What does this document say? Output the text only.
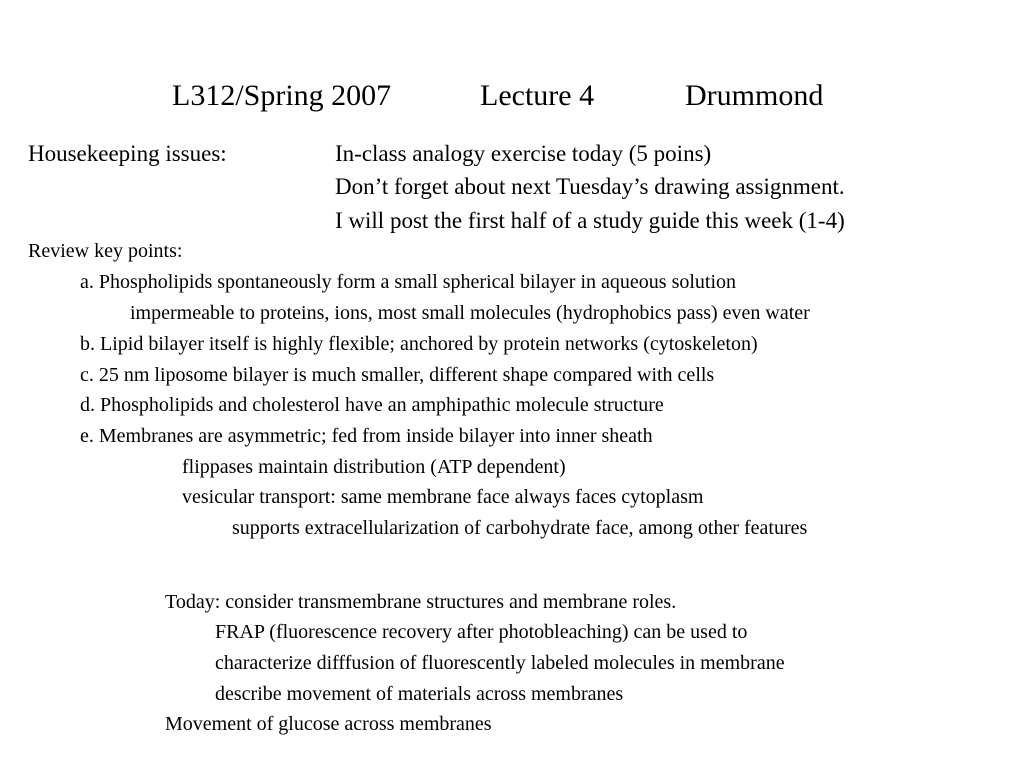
L312/Spring 2007	Lecture 4	Drummond
Housekeeping issues:	In-class analogy exercise today (5 poins)
Don’t forget about next Tuesday’s drawing assignment.
I will post the first half of a study guide this week (1-4)
Review key points:
a. Phospholipids spontaneously form a small spherical bilayer in aqueous solution
impermeable to proteins, ions, most small molecules (hydrophobics pass) even water
b. Lipid bilayer itself is highly flexible; anchored by protein networks (cytoskeleton)
c. 25 nm liposome bilayer is much smaller, different shape compared with cells
d. Phospholipids and cholesterol have an amphipathic molecule structure
e. Membranes are asymmetric; fed from inside bilayer into inner sheath
flippases maintain distribution (ATP dependent)
vesicular transport: same membrane face always faces cytoplasm
supports extracellularization of carbohydrate face, among other features
Today: consider transmembrane structures and membrane roles.
FRAP (fluorescence recovery after photobleaching) can be used to
characterize difffusion of fluorescently labeled molecules in membrane
describe movement of materials across membranes
Movement of glucose across membranes
